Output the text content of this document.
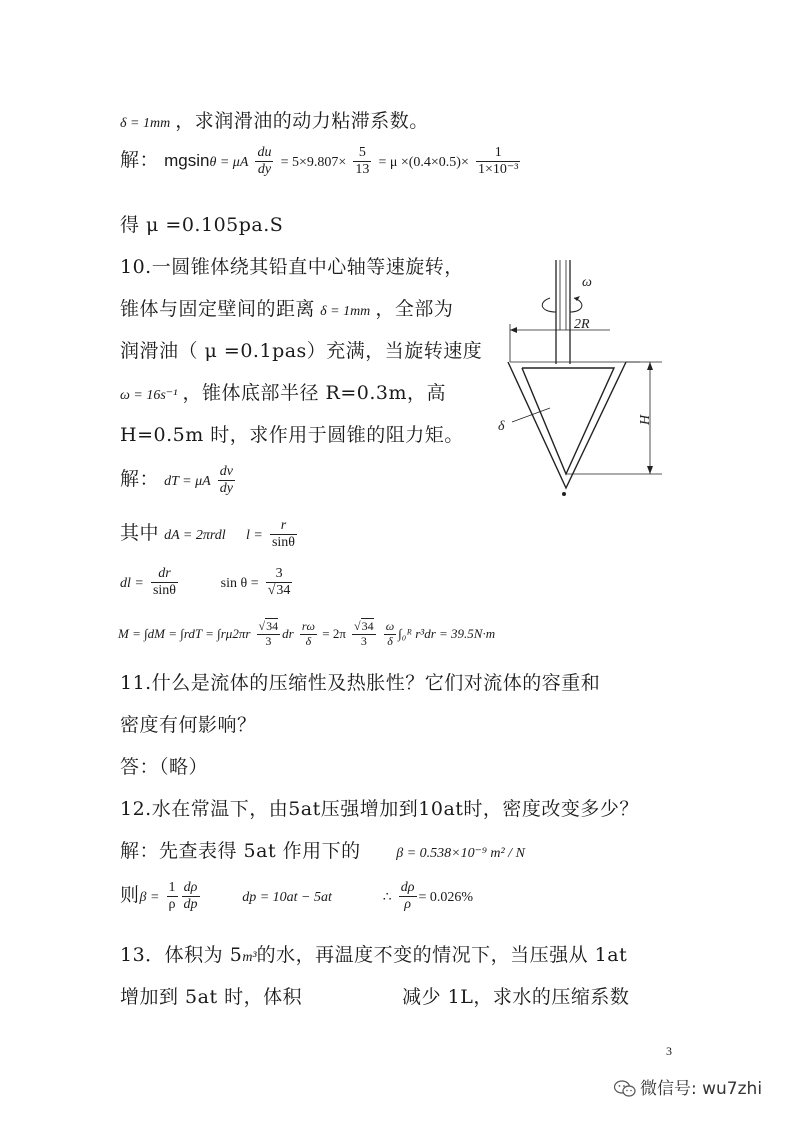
δ = 1mm ，求润滑油的动力粘滞系数。
解： mgsinθ = μA $\frac{du}{dy} = 5\times 9.807\times \frac{5}{13} = \mu \times(0.4\times 0.5)\times \frac{1}{\text{1×10⁻³}}$
得 μ =0.105pa.S
10.一圆锥体绕其铅直中心轴等速旋转，
锥体与固定壁间的距离 δ = 1mm ，全部为
润滑油（ μ =0.1pas）充满，当旋转速度
ω = 16s⁻¹ ，锥体底部半径 R=0.3m，高
H=0.5m 时，求作用于圆锥的阻力矩。
ω
2R
δ	H
解： dT = μA $\frac{dv}{dy}$
其中 dA = 2πrdl $l = \frac{r}{\sin\theta}$
dl = $\frac{dr}{\sin\theta}$	$\sin \theta = \frac{3}{√34}$
$M = \int dM = \int rdT = \int r\mu 2\pi r \frac{√34}{3}$ dr $\frac{r\omega}{\delta} = 2\pi \frac{√34}{3}$
$\frac{\omega}{\delta}$ ∫₀ᴿ r³dr = 39.5N·m
11.什么是流体的压缩性及热胀性？它们对流体的容重和
密度有何影响？
答：（略）
12.水在常温下，由5at压强增加到10at时，密度改变多少？
解：先查表得 5at 作用下的	β = 0.538×10⁻⁹ m² / N
则$\beta = \frac{1}{\rho} \frac{d\rho}{dp}$	dp = 10at − 5at	∴ $\frac{d\rho}{\rho} = 0.026\%$
13．体积为 5m³的水，再温度不变的情况下，当压强从 1at
增加到 5at 时，体积	减少 1L，求水的压缩系数
3
微信号: wu7zhi
